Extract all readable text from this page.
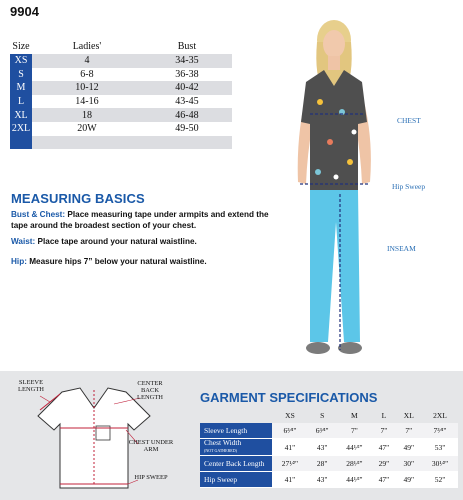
9904
Size	Ladies'	Bust
XS	4	34-35
S	6-8	36-38
M	10-12	40-42
L	14-16	43-45
XL	18	46-48
2XL	20W	49-50

MEASURING BASICS
Bust & Chest: Place measuring tape under armpits and extend the tape around the broadest section of your chest.
Waist: Place tape around your natural waistline.
Hip: Measure hips 7” below your natural waistline.
CHEST
Hip Sweep
INSEAM
SLEEVE LENGTH
CENTER BACK LENGTH
CHEST UNDER ARM
HIP SWEEP
GARMENT SPECIFICATIONS
	XS	S	M	L	XL	2XL
Sleeve Length	6³⁄⁴"	6³⁄⁴"	7"	7"	7"	7³⁄⁴"
Chest Width
(NOT GATHERED)	41"	43"	44¹⁄²"	47"	49"	53"
Center Back Length	27¹⁄²"	28"	28¹⁄²"	29"	30"	30¹⁄²"
Hip Sweep	41"	43"	44¹⁄²"	47"	49"	52"
